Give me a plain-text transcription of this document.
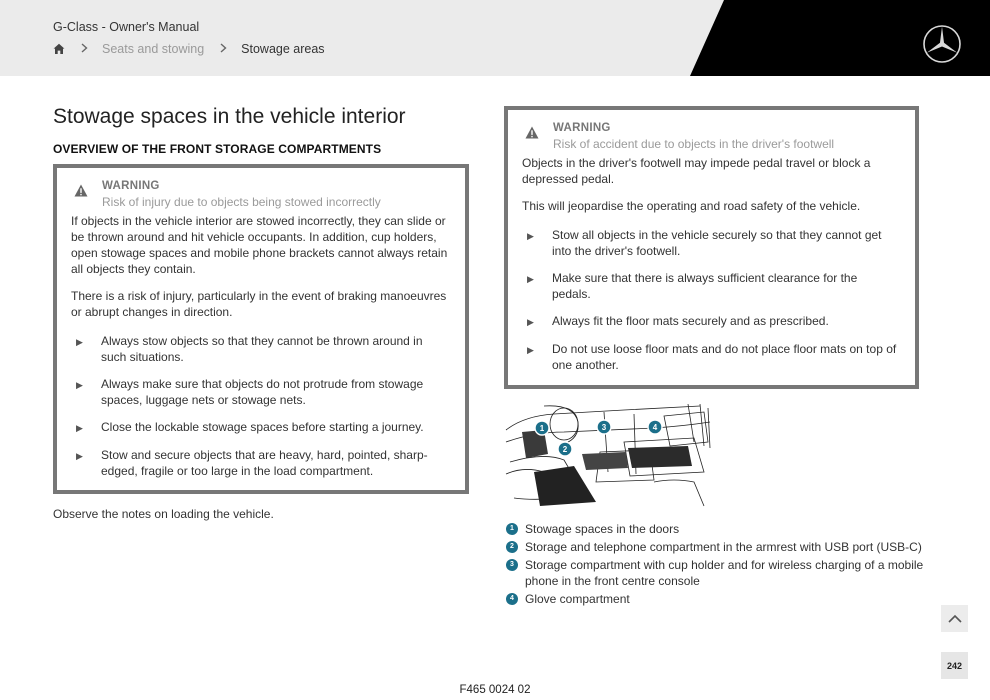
G-Class - Owner's Manual
Seats and stowing	Stowage areas
Stowage spaces in the vehicle interior
OVERVIEW OF THE FRONT STORAGE COMPARTMENTS
WARNING
Risk of injury due to objects being stowed incorrectly

If objects in the vehicle interior are stowed incorrectly, they can slide or be thrown around and hit vehicle occupants. In addition, cup holders, open stowage spaces and mobile phone brackets cannot always retain all objects they contain.

There is a risk of injury, particularly in the event of braking manoeuvres or abrupt changes in direction.

▶	Always stow objects so that they cannot be thrown around in such situations.
▶	Always make sure that objects do not protrude from stowage spaces, luggage nets or stowage nets.
▶	Close the lockable stowage spaces before starting a journey.
▶	Stow and secure objects that are heavy, hard, pointed, sharp-edged, fragile or too large in the load compartment.
Observe the notes on loading the vehicle.
WARNING
Risk of accident due to objects in the driver's footwell

Objects in the driver's footwell may impede pedal travel or block a depressed pedal.

This will jeopardise the operating and road safety of the vehicle.

▶	Stow all objects in the vehicle securely so that they cannot get into the driver's footwell.
▶	Make sure that there is always sufficient clearance for the pedals.
▶	Always fit the floor mats securely and as prescribed.
▶	Do not use loose floor mats and do not place floor mats on top of one another.
1
2
3	4
1 Stowage spaces in the doors
2 Storage and telephone compartment in the armrest with USB port (USB-C)
3 Storage compartment with cup holder and for wireless charging of a mobile phone in the front centre console
4 Glove compartment
242
F465 0024 02
